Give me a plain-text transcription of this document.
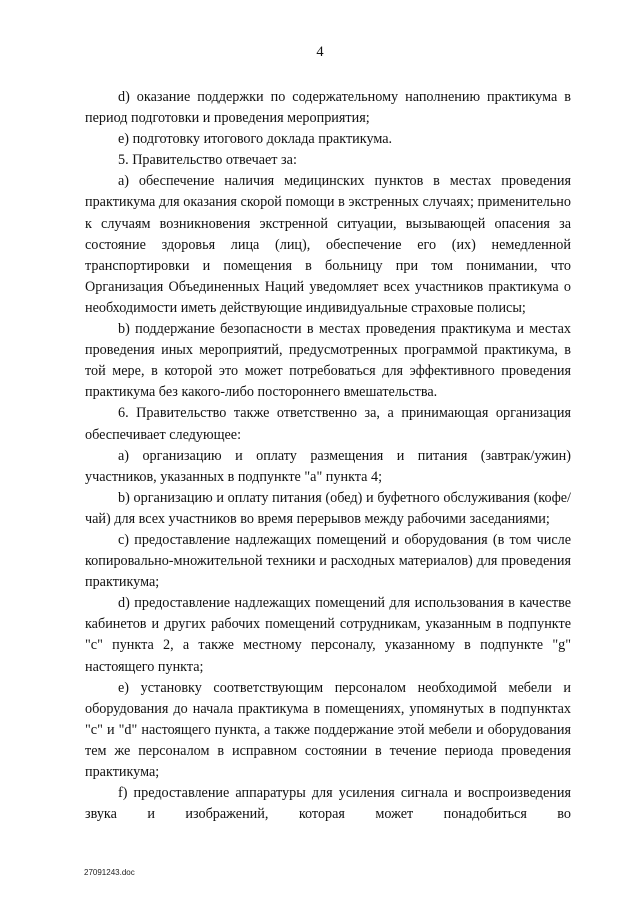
4

d) оказание поддержки по содержательному наполнению практикума в период подготовки и проведения мероприятия;

e) подготовку итогового доклада практикума.

5. Правительство отвечает за:

a) обеспечение наличия медицинских пунктов в местах проведения практикума для оказания скорой помощи в экстренных случаях; применительно к случаям возникновения экстренной ситуации, вызывающей опасения за состояние здоровья лица (лиц), обеспечение его (их) немедленной транспортировки и помещения в больницу при том понимании, что Организация Объединенных Наций уведомляет всех участников практикума о необходимости иметь действующие индивидуальные страховые полисы;

b) поддержание безопасности в местах проведения практикума и местах проведения иных мероприятий, предусмотренных программой практикума, в той мере, в которой это может потребоваться для эффективного проведения практикума без какого-либо постороннего вмешательства.

6. Правительство также ответственно за, а принимающая организация обеспечивает следующее:

a) организацию и оплату размещения и питания (завтрак/ужин) участников, указанных в подпункте "a" пункта 4;

b) организацию и оплату питания (обед) и буфетного обслуживания (кофе/чай) для всех участников во время перерывов между рабочими заседаниями;

c) предоставление надлежащих помещений и оборудования (в том числе копировально-множительной техники и расходных материалов) для проведения практикума;

d) предоставление надлежащих помещений для использования в качестве кабинетов и других рабочих помещений сотрудникам, указанным в подпункте "c" пункта 2, а также местному персоналу, указанному в подпункте "g" настоящего пункта;

e) установку соответствующим персоналом необходимой мебели и оборудования до начала практикума в помещениях, упомянутых в подпунктах "c" и "d" настоящего пункта, а также поддержание этой мебели и оборудования тем же персоналом в исправном состоянии в течение периода проведения практикума;

f) предоставление аппаратуры для усиления сигнала и воспроизведения звука и изображений, которая может понадобиться во

27091243.doc
